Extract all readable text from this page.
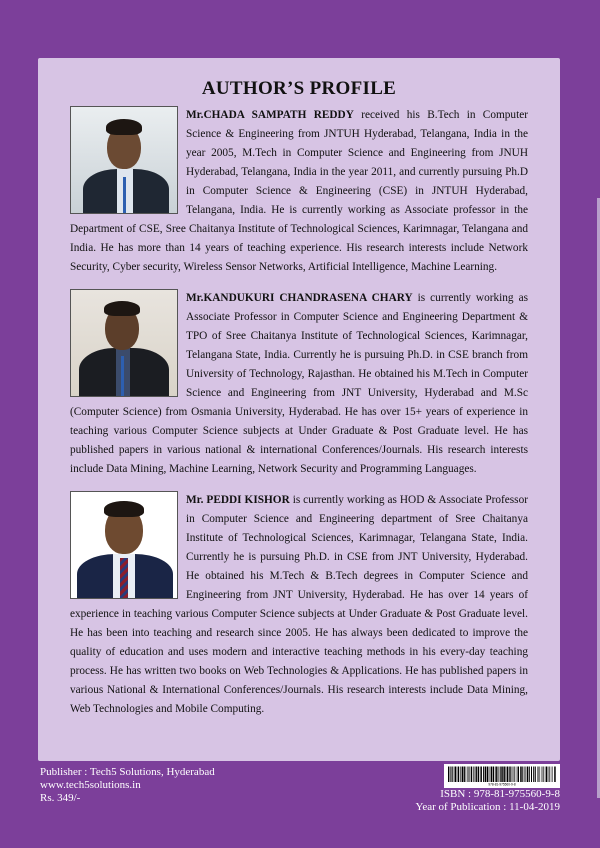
AUTHOR’S PROFILE
Mr.CHADA SAMPATH REDDY received his B.Tech in Computer Science & Engineering from JNTUH Hyderabad, Telangana, India in the year 2005, M.Tech in Computer Science and Engineering from JNUH Hyderabad, Telangana, India in the year 2011, and currently pursuing Ph.D in Computer Science & Engineering (CSE) in JNTUH Hyderabad, Telangana, India. He is currently working as Associate professor in the Department of CSE, Sree Chaitanya Institute of Technological Sciences, Karimnagar, Telangana and India. He has more than 14 years of teaching experience. His research interests include Network Security, Cyber security, Wireless Sensor Networks, Artificial Intelligence, Machine Learning.
Mr.KANDUKURI CHANDRASENA CHARY is currently working as Associate Professor in Computer Science and Engineering Department & TPO of Sree Chaitanya Institute of Technological Sciences, Karimnagar, Telangana State, India. Currently he is pursuing Ph.D. in CSE branch from University of Technology, Rajasthan. He obtained his M.Tech in Computer Science and Engineering from JNT University, Hyderabad and M.Sc (Computer Science) from Osmania University, Hyderabad. He has over 15+ years of experience in teaching various Computer Science subjects at Under Graduate & Post Graduate level. He has published papers in various national & international Conferences/Journals. His research interests include Data Mining, Machine Learning, Network Security and Programming Languages.
Mr. PEDDI KISHOR is currently working as HOD & Associate Professor in Computer Science and Engineering department of Sree Chaitanya Institute of Technological Sciences, Karimnagar, Telangana State, India. Currently he is pursuing Ph.D. in CSE from JNT University, Hyderabad. He obtained his M.Tech & B.Tech degrees in Computer Science and Engineering from JNT University, Hyderabad. He has over 14 years of experience in teaching various Computer Science subjects at Under Graduate & Post Graduate level. He has been into teaching and research since 2005. He has always been dedicated to improve the quality of education and uses modern and interactive teaching methods in his every-day teaching process. He has written two books on Web Technologies & Applications. He has published papers in various National & International Conferences/Journals. His research interests include Data Mining, Web Technologies and Mobile Computing.
Publisher : Tech5 Solutions, Hyderabad
www.tech5solutions.in
Rs. 349/-
978-81-975560-9-8
ISBN : 978-81-975560-9-8
Year of Publication : 11-04-2019
